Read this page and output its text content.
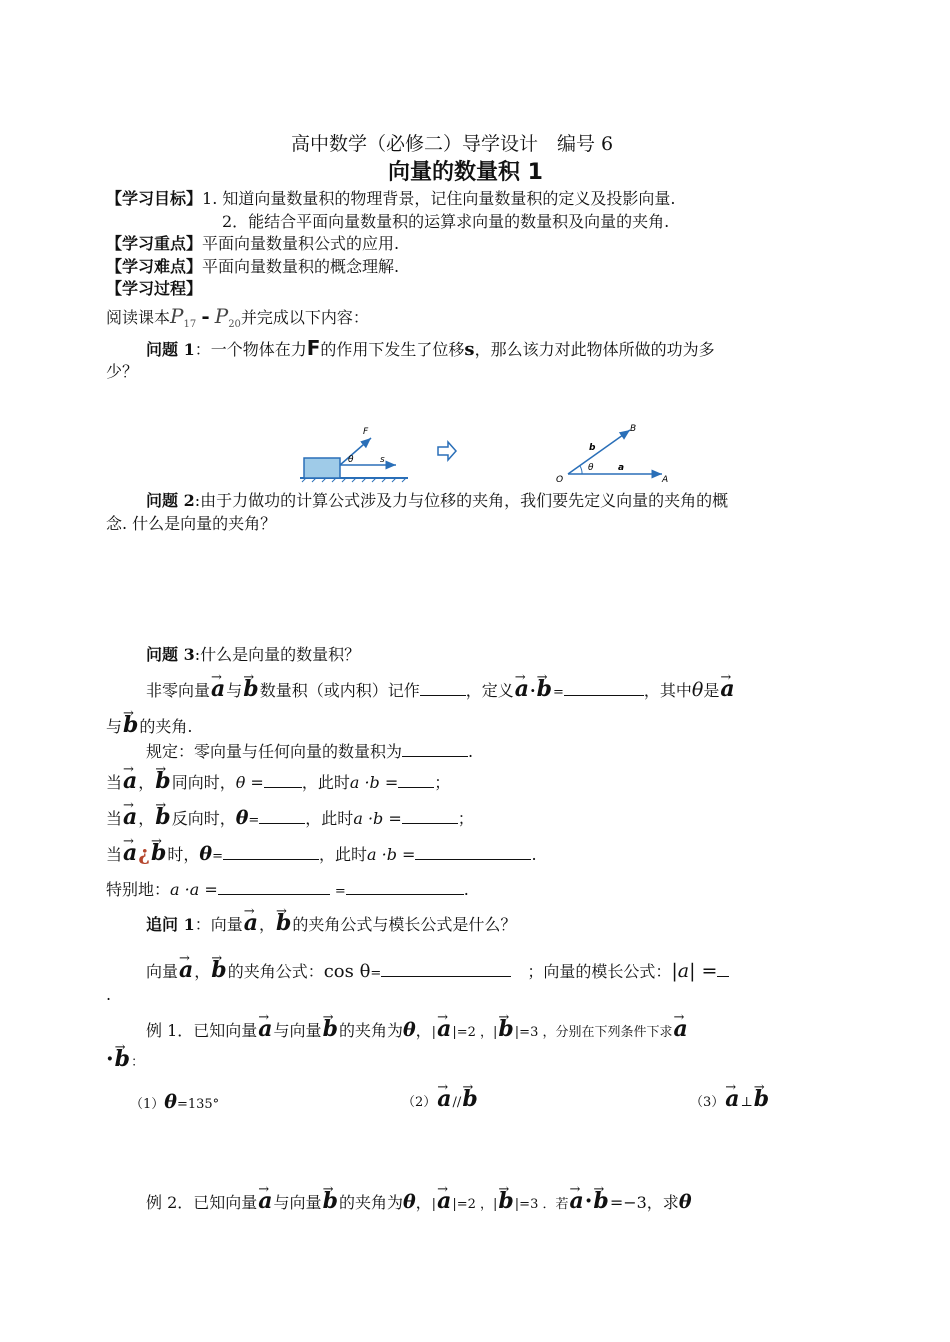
高中数学（必修二）导学设计　编号 6
向量的数量积 1
【学习目标】1. 知道向量数量积的物理背景，记住向量数量积的定义及投影向量.
2．能结合平面向量数量积的运算求向量的数量积及向量的夹角.
【学习重点】平面向量数量积公式的应用.
【学习难点】平面向量数量积的概念理解.
【学习过程】
阅读课本$P_{17} - P_{20}$并完成以下内容：
问题 1：一个物体在力F的作用下发生了位移s，那么该力对此物体所做的功为多
少？
F
θ	s
O
θ	a
A
b
B
问题 2:由于力做功的计算公式涉及力与位移的夹角，我们要先定义向量的夹角的概
念. 什么是向量的夹角？
问题 3:什么是向量的数量积？
非零向量→ a与→ b数量积（或内积）记作	，定义→ a·→ b=	，其中θ是→ a
与→ b的夹角.
规定：零向量与任何向量的数量积为	.
当→ a，→ b同向时，θ = ，此时a ·b = ；
当→ a，→ b反向时，θ=	，此时a ·b =	；
当→ a¿→ b时，θ=	，此时a ·b =	.
特别地：a ·a =	=	.
追问 1：向量→ a，→ b的夹角公式与模长公式是什么？
向量→ a，→ b的夹角公式：cos θ=　	；向量的模长公式：|a| =
.
例 1．已知向量→ a与向量→ b的夹角为θ，|→ a|=2 ，|→ b|=3 ，分别在下列条件下求→ a
·→ b：
（1）θ=135°	（2）→ a//→ b	（3）→ a⊥→ b
例 2．已知向量→ a与向量→ b的夹角为θ，|→ a|=2 ，|→ b|=3 ．若→ a·→ b=−3，求θ
